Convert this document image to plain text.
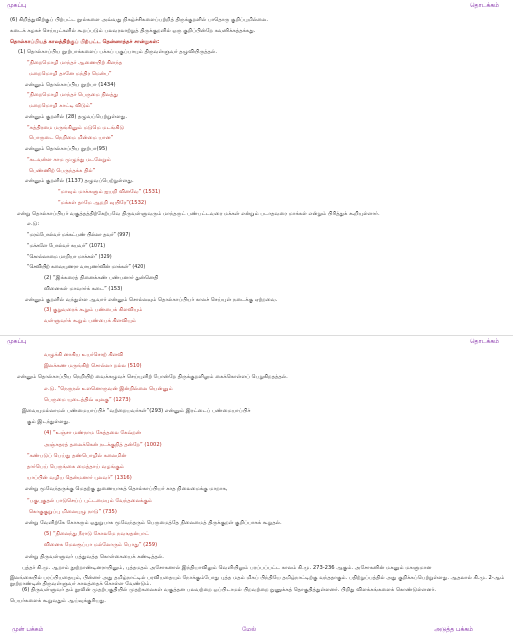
முகப்பு	தொடக்கம்
(6) கிறித்துவிற்குப் பிற்பட்ட நூல்களை அவ்வது நிகழ்ச்சிகளைப்பற்றித் திருக்குறளில் பாதொரு குறிப்புமில்லை.
கடைக் கழகச் செய்யுட்களில் கூறப்படும் பலவரலாற்றுத் திருக்குறளில் ஒரு குறிப்பின்றே கவனிக்கத்தக்கது.
தொல்காப்பியத் காலத்திற்குப் பிற்பட்ட தென்னாத்தச் சான்றுகள்:
(1) தொல்காப்பிய நூற்பாக்களைப் பக்கப் பகுப்பாயும் திருவள்ளுவர் தழுவியிருத்தல்.
“நிறைமொழி மாந்தர் ஆணையிற் கிளந்த
மறைமொழி தானே மந்திர மென்ப”
என்னும் தொல்காப்பிய நூற்பா (1434)
“நிறைமொழி மாந்தர் பெருமை நிலத்து
மறைமொழி காட்டி விடும்”
என்னும் குறளில் (28) தழுவப்பெற்றுள்ளது.
“சுத்திரமை மருங்கினும் மடுமெ மடங்கிடு
பொருடை நெறிமை மின்மை யான”
என்னும் தொல்காப்பிய நூற்பா(95)
“கடவன்ள காம முழுந்து மடலேறும்
பெண்ணிற் பெருந்தக்க தில்”
என்னும் குறளில் (1137) தழுவப்பெற்றுள்ளது.
“மாவும் மாக்களும் ஐயறி வினவே” (1531)
“மக்கள் தாமே ஆறறி வுயிரே”(1532)
என்று தொல்காப்பியர் வகுத்தத்திற்கேற்பவே திருவள்ளுவரும் மாந்தருட் பண்பட்டவரை மக்கள் என்றும் படாதவரை மாக்கள் என்றும் பிரித்துக் கூறியுள்ளார்.
எ.டு:
“மரம்போல்வர் மக்கட்பண் பில்லா தவர்” (997)
“மக்களே போல்வர் கயவர்” (1071)
“கொல்லாமை மாறியா மாக்கள்” (329)
“செவியிற் சுவையுணரா வாயுணர்வின் மாக்கள்” (420)
(2) “இக்கரைத் தினைக்கண் பண்பனார் துன்னெதி
வினைகள் மாவார்க் கடை” (153)
என்னும் குறளில் வந்துள்ள ஆவார் என்னும் சொல்லவும் தொல்காப்பியர் காலச் செய்யுள் நடைக்கு ஏற்றவை.
(3) குறுவரைக் கூறும் பண்பைக் கிளவியும்
வள்ளுவர்க் கூறும் பண்பைக் கிளவியும்
முகப்பு	தொடக்கம்
வழுக்கி னாகிய உயர்சொற் கிளவி
இலக்கண மருங்கிற் சொல்லா றல்ல (510)
என்னும் தொல்காப்பிய நெறியிற் வைக்கழுவச் செய்யுளிற் போன்றே திருக்குறளிலும் கைக்கொள்ளப் பெறுகிறதத்தல்.
எ.டு. “நெருநல் உளனொருவன் இன்றில்லை யென்னும்
பெருமை யுடைத்திவ் வுலகு” (1273)
இவையுமல்லாமல் பண்மையாப்பிச் “வற்றையவர்கள்”(293) என்னும் இரட்டைப் பண்மையாப்பிச்
கும் இடந்துள்ளது.
(4) “உஞ்சா மண்நாம கேத்தலை கேவ்றன்
அஞ்சுதரத் தலைக்கென் நடக்குநித் தன்றே” (1002)
“கண்படுப் பெய்து தண்பொழில் கலைமின்
தார்பெய் பெருங்கை மைத்தாய் வழங்கும்
யாப்பின் வழிய தென்மனார் புலவர்” (1316)
என்று மூவேந்தருக்கு மெதற்கு துணையாகத் தொல்காப்பியர் காத நிலைமைக்கு மாறாக,
“பகுபுகுதல் பாடுசெய்ப் புட்டமையும் வேந்தலைக்கும்
கொகுகுறுப்பு மிலையுழு நாடு” (735)
என்று வேளிற்கே கோகரும் ஒதுறுபாக மூவேந்தரும் பெருமைத்தே நிலைமைத் திருக்குறள் குறிப்பாகக் கூறுதல்.
(5) “நிலைந்து நீராடு கோலமே நவஙதன்பாட்
வினைக மேலரூப்பா மல்லோரும் பொது” (259)
என்று திருவள்ளுவர் பத்துவத்த கொள்கையைக் கண்டித்தல்.
புத்தர் கி.மு. ஆறாம் நூற்றாண்டினராயினும், புத்தமதம் அசோகனால் இந்தியாவிலும் வெளியிலும் பரப்பப்பட்ட காலம் கி.மு. 273-236 ஆகும். அசோகனின் மகனும் மகளுமான
இலங்கையில் பரப்பியதையும், பின்னர் அது தமிழ்நாட்டில் பரவியதையும் நோக்கும்போது புத்த மதம் மிகப் பிந்தியே தமிழ்நாட்டிற்கு வந்ததாகும். பதிற்றுப்பத்தில் அது குறிக்கப்பெற்றுள்ளது. ஆதலால் கி.மு. 2-ஆம் நூற்றாண்டின் திருவள்ளுவர் காலத்தைக் கொள்ள வேண்டும்.
(6) திருவள்ளுவர் தம் நூலின் முதற்பகுதியில் முதற்கலைகள் வகுத்தன பலவற்றை ஒப்பிடாமல் பிறவற்றை நுணுக்கத் தொகுதித்துள்ளனர். பிறிது விளக்கங்களைக் கொண்டுள்ளனர்.
பெயர்களைக் கூறுவதும் ஆய்வுக்குரியது.
முன் பக்கம்	மேல்	அடுத்த பக்கம்
